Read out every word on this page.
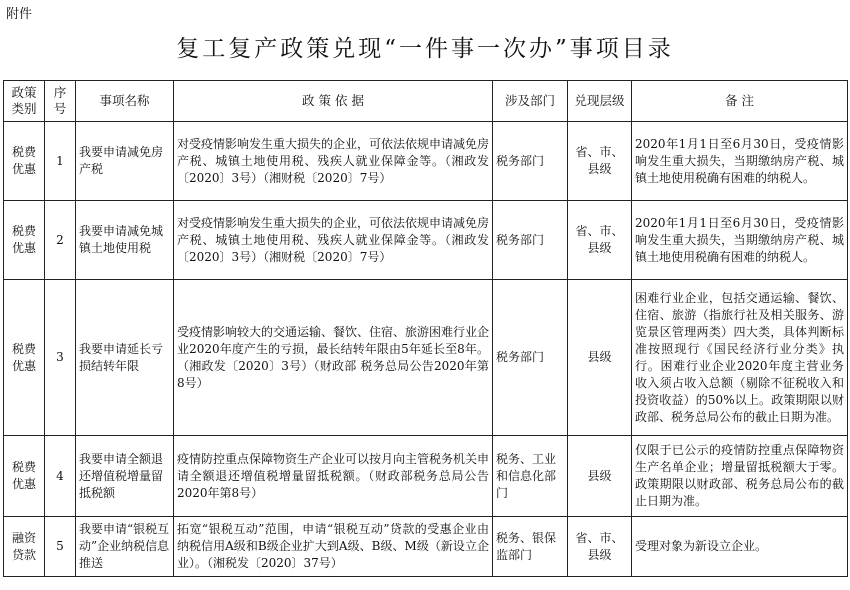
附件
复工复产政策兑现“一件事一次办”事项目录
政策类别	序号	事项名称	政 策 依 据	涉及部门	兑现层级	备 注
税费优惠	1	我要申请减免房产税	对受疫情影响发生重大损失的企业，可依法依规申请减免房产税、城镇土地使用税、残疾人就业保障金等。（湘政发〔2020〕3号）（湘财税〔2020〕7号）	税务部门	省、市、县级	2020年1月1日至6月30日，受疫情影响发生重大损失，当期缴纳房产税、城镇土地使用税确有困难的纳税人。
税费优惠	2	我要申请减免城镇土地使用税	对受疫情影响发生重大损失的企业，可依法依规申请减免房产税、城镇土地使用税、残疾人就业保障金等。（湘政发〔2020〕3号）（湘财税〔2020〕7号）	税务部门	省、市、县级	2020年1月1日至6月30日，受疫情影响发生重大损失，当期缴纳房产税、城镇土地使用税确有困难的纳税人。
税费优惠	3	我要申请延长亏损结转年限	受疫情影响较大的交通运输、餐饮、住宿、旅游困难行业企业2020年度产生的亏损，最长结转年限由5年延长至8年。（湘政发〔2020〕3号）（财政部 税务总局公告2020年第8号）	税务部门	县级	困难行业企业，包括交通运输、餐饮、住宿、旅游（指旅行社及相关服务、游览景区管理两类）四大类，具体判断标准按照现行《国民经济行业分类》执行。困难行业企业2020年度主营业务收入须占收入总额（剔除不征税收入和投资收益）的50%以上。政策期限以财政部、税务总局公布的截止日期为准。
税费优惠	4	我要申请全额退还增值税增量留抵税额	疫情防控重点保障物资生产企业可以按月向主管税务机关申请全额退还增值税增量留抵税额。（财政部税务总局公告2020年第8号）	税务、工业和信息化部门	县级	仅限于已公示的疫情防控重点保障物资生产名单企业；增量留抵税额大于零。政策期限以财政部、税务总局公布的截止日期为准。
融资贷款	5	我要申请“银税互动”企业纳税信息推送	拓宽“银税互动”范围，申请“银税互动”贷款的受惠企业由纳税信用A级和B级企业扩大到A级、B级、M级（新设立企业）。（湘税发〔2020〕37号）	税务、银保监部门	省、市、县级	受理对象为新设立企业。
